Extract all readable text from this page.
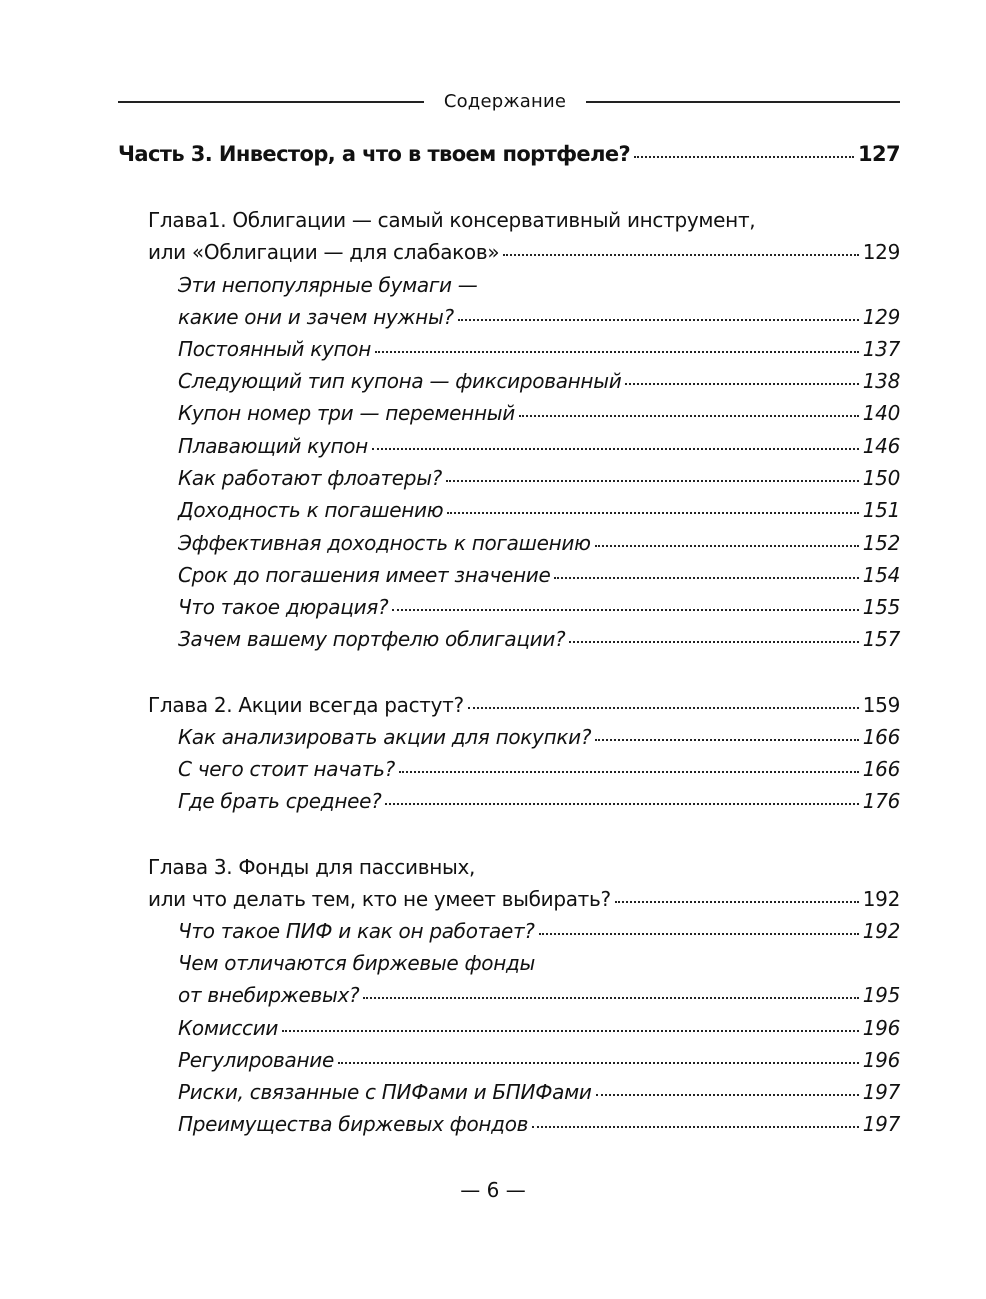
Содержание
Часть 3. Инвестор, а что в твоем портфеле?	127
Глава1. Облигации — самый консервативный инструмент,
или «Облигации — для слабаков»	129
Эти непопулярные бумаги —
какие они и зачем нужны?	129
Постоянный купон	137
Следующий тип купона — фиксированный	138
Купон номер три — переменный	140
Плавающий купон	146
Как работают флоатеры?	150
Доходность к погашению	151
Эффективная доходность к погашению	152
Срок до погашения имеет значение	154
Что такое дюрация?	155
Зачем вашему портфелю облигации?	157
Глава 2. Акции всегда растут?	159
Как анализировать акции для покупки?	166
С чего стоит начать?	166
Где брать среднее?	176
Глава 3. Фонды для пассивных,
или что делать тем, кто не умеет выбирать?	192
Что такое ПИФ и как он работает?	192
Чем отличаются биржевые фонды
от внебиржевых?	195
Комиссии	196
Регулирование	196
Риски, связанные с ПИФами и БПИФами	197
Преимущества биржевых фондов	197
— 6 —
